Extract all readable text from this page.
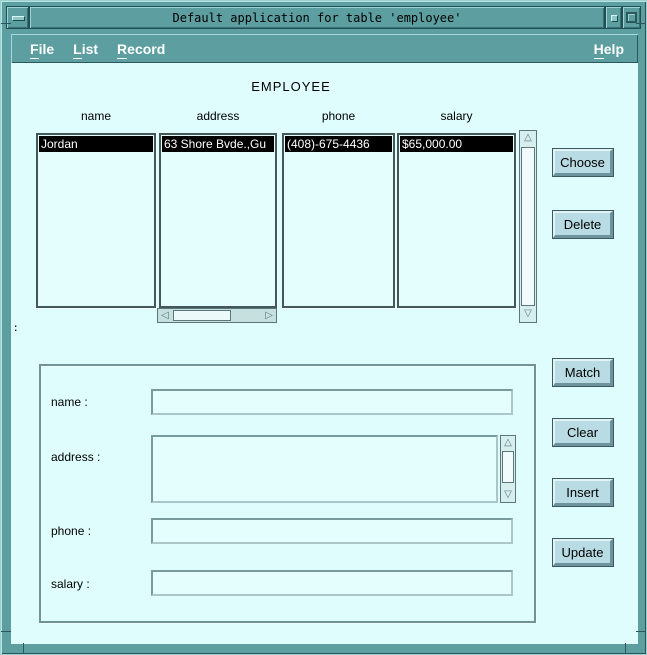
Default application for table 'employee'
File List Record	Help
EMPLOYEE
name	address	phone	salary
Jordan	63 Shore Bvde.,Gu	(408)-675-4436	$65,000.00	△
▽
◁	▷
:
Choose
Delete
name :
address :
△
▽
phone :
salary :
Match
Clear
Insert
Update
